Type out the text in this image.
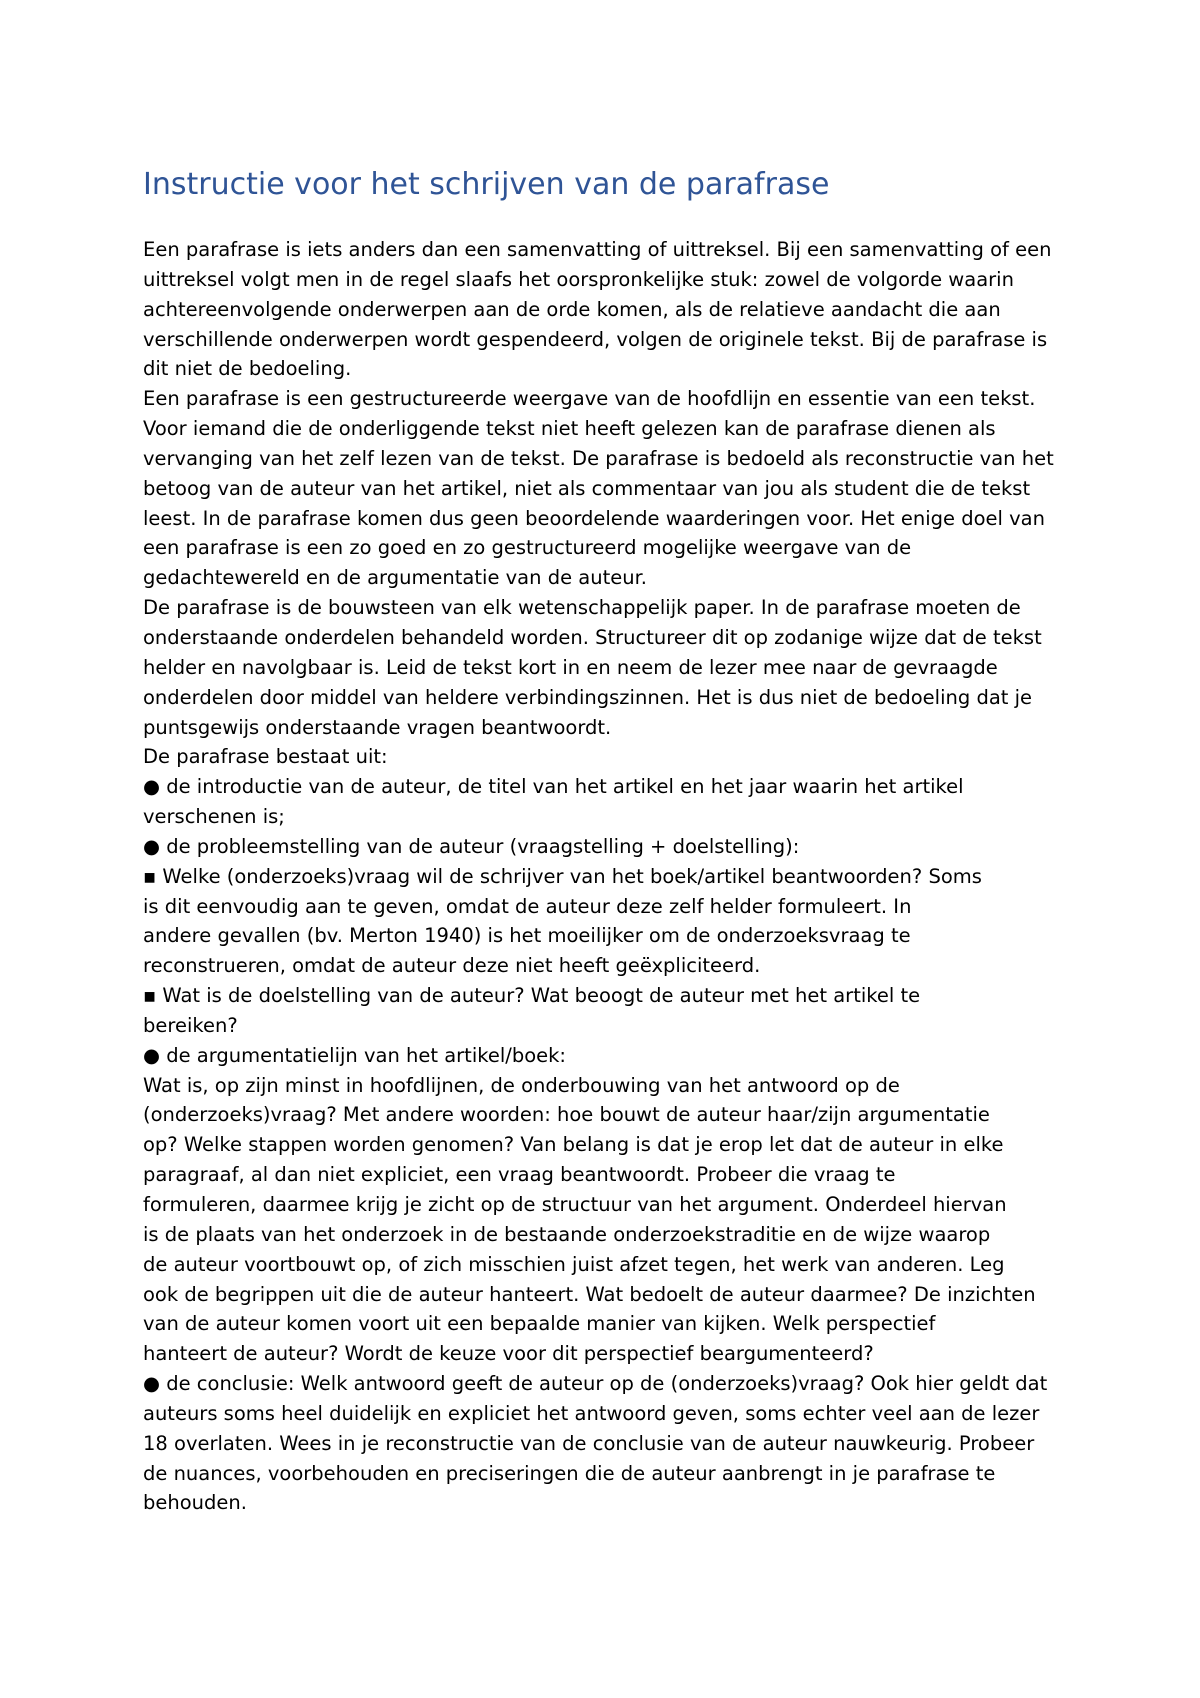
Instructie voor het schrijven van de parafrase
Een parafrase is iets anders dan een samenvatting of uittreksel. Bij een samenvatting of een
uittreksel volgt men in de regel slaafs het oorspronkelijke stuk: zowel de volgorde waarin
achtereenvolgende onderwerpen aan de orde komen, als de relatieve aandacht die aan
verschillende onderwerpen wordt gespendeerd, volgen de originele tekst. Bij de parafrase is
dit niet de bedoeling.
Een parafrase is een gestructureerde weergave van de hoofdlijn en essentie van een tekst.
Voor iemand die de onderliggende tekst niet heeft gelezen kan de parafrase dienen als
vervanging van het zelf lezen van de tekst. De parafrase is bedoeld als reconstructie van het
betoog van de auteur van het artikel, niet als commentaar van jou als student die de tekst
leest. In de parafrase komen dus geen beoordelende waarderingen voor. Het enige doel van
een parafrase is een zo goed en zo gestructureerd mogelijke weergave van de
gedachtewereld en de argumentatie van de auteur.
De parafrase is de bouwsteen van elk wetenschappelijk paper. In de parafrase moeten de
onderstaande onderdelen behandeld worden. Structureer dit op zodanige wijze dat de tekst
helder en navolgbaar is. Leid de tekst kort in en neem de lezer mee naar de gevraagde
onderdelen door middel van heldere verbindingszinnen. Het is dus niet de bedoeling dat je
puntsgewijs onderstaande vragen beantwoordt.
De parafrase bestaat uit:
● de introductie van de auteur, de titel van het artikel en het jaar waarin het artikel
verschenen is;
● de probleemstelling van de auteur (vraagstelling + doelstelling):
▪ Welke (onderzoeks)vraag wil de schrijver van het boek/artikel beantwoorden? Soms
is dit eenvoudig aan te geven, omdat de auteur deze zelf helder formuleert. In
andere gevallen (bv. Merton 1940) is het moeilijker om de onderzoeksvraag te
reconstrueren, omdat de auteur deze niet heeft geëxpliciteerd.
▪ Wat is de doelstelling van de auteur? Wat beoogt de auteur met het artikel te
bereiken?
● de argumentatielijn van het artikel/boek:
Wat is, op zijn minst in hoofdlijnen, de onderbouwing van het antwoord op de
(onderzoeks)vraag? Met andere woorden: hoe bouwt de auteur haar/zijn argumentatie
op? Welke stappen worden genomen? Van belang is dat je erop let dat de auteur in elke
paragraaf, al dan niet expliciet, een vraag beantwoordt. Probeer die vraag te
formuleren, daarmee krijg je zicht op de structuur van het argument. Onderdeel hiervan
is de plaats van het onderzoek in de bestaande onderzoekstraditie en de wijze waarop
de auteur voortbouwt op, of zich misschien juist afzet tegen, het werk van anderen. Leg
ook de begrippen uit die de auteur hanteert. Wat bedoelt de auteur daarmee? De inzichten
van de auteur komen voort uit een bepaalde manier van kijken. Welk perspectief
hanteert de auteur? Wordt de keuze voor dit perspectief beargumenteerd?
● de conclusie: Welk antwoord geeft de auteur op de (onderzoeks)vraag? Ook hier geldt dat
auteurs soms heel duidelijk en expliciet het antwoord geven, soms echter veel aan de lezer
18 overlaten. Wees in je reconstructie van de conclusie van de auteur nauwkeurig. Probeer
de nuances, voorbehouden en preciseringen die de auteur aanbrengt in je parafrase te
behouden.
